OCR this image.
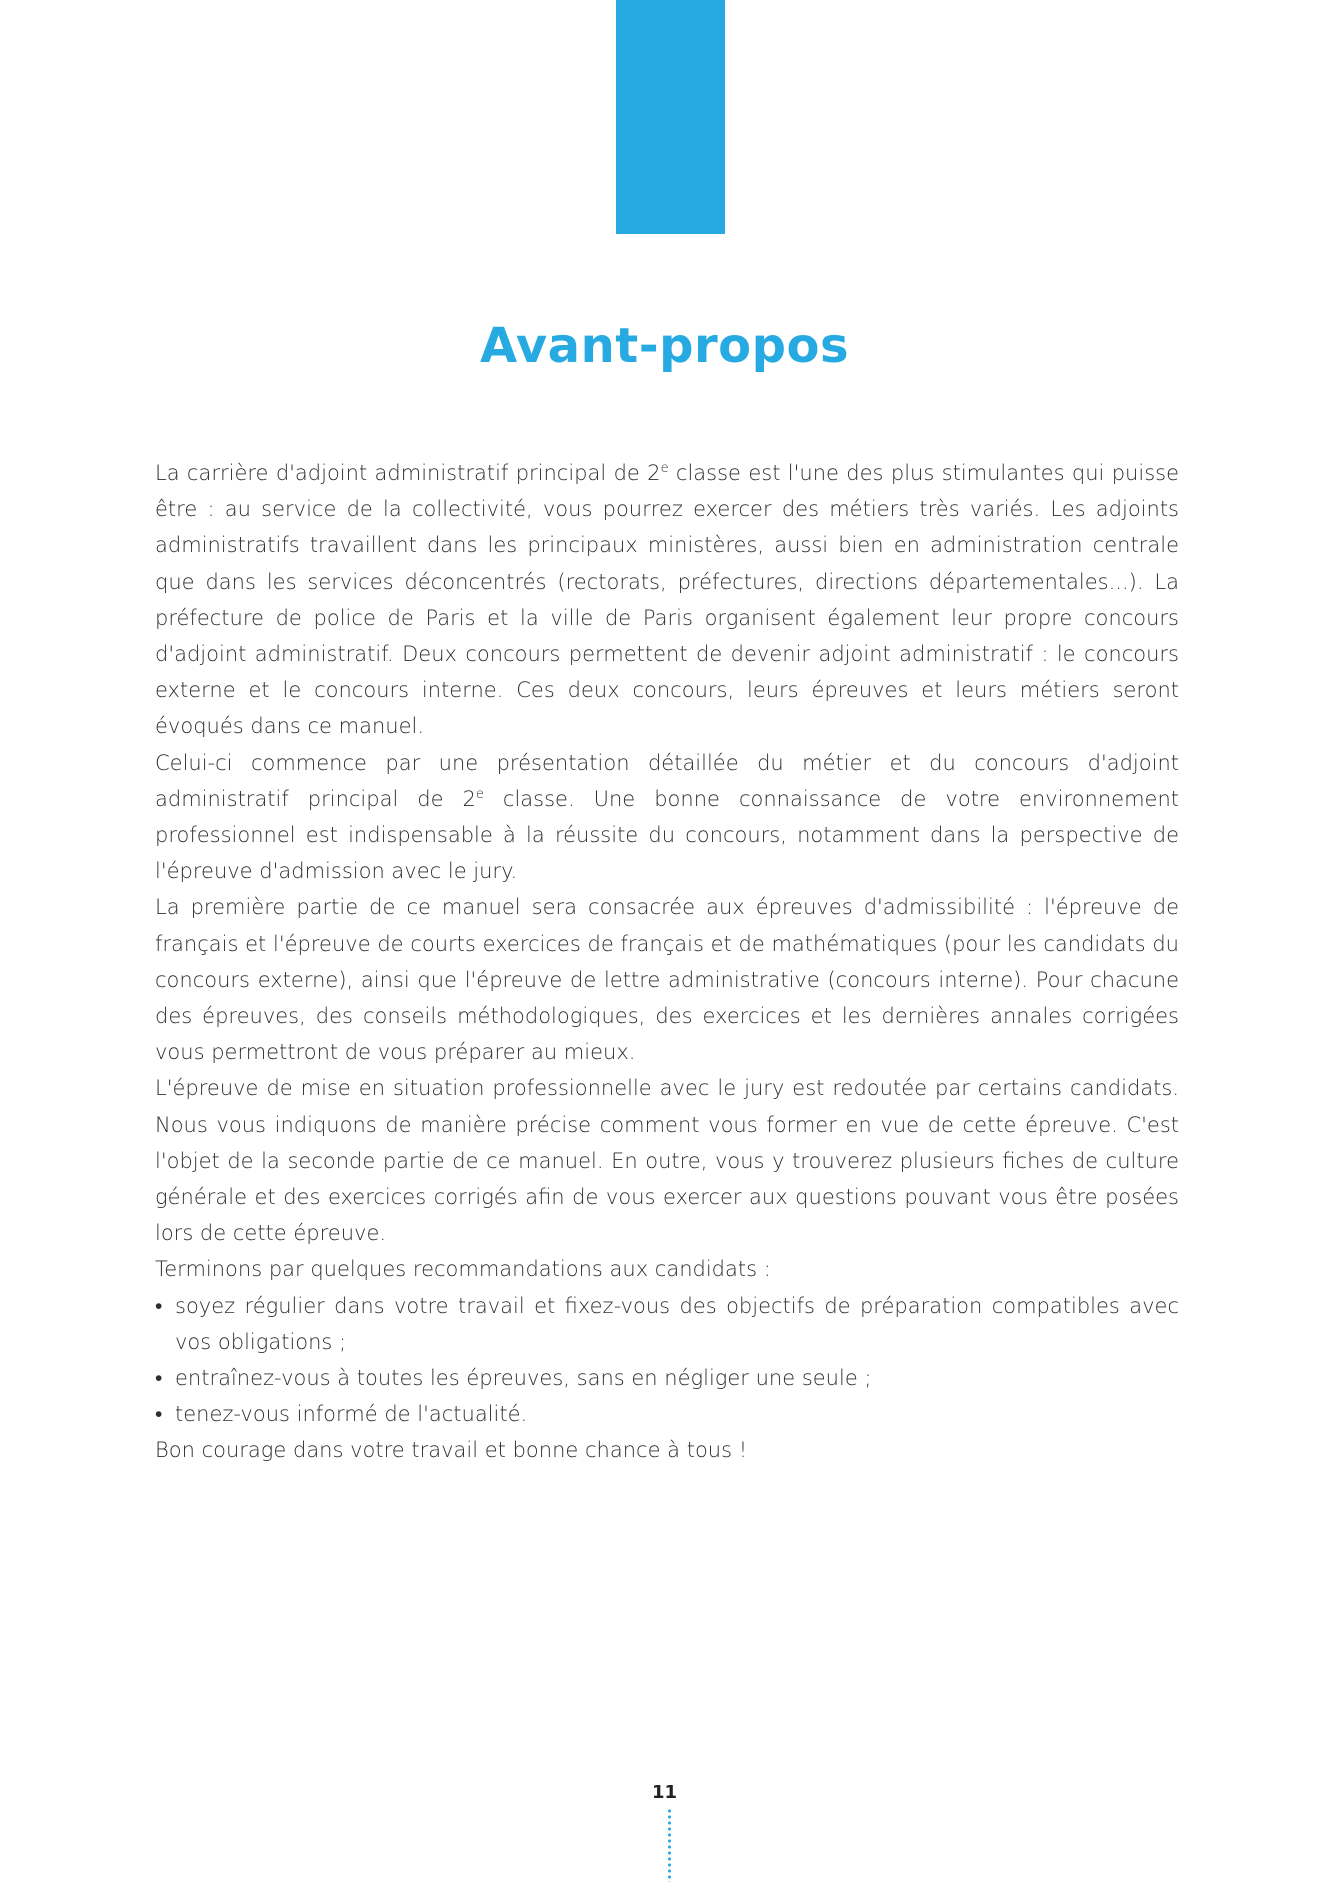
Avant-propos

La carrière d'adjoint administratif principal de 2e classe est l'une des plus stimulantes qui puisse être : au service de la collectivité, vous pourrez exercer des métiers très variés. Les adjoints administratifs travaillent dans les principaux ministères, aussi bien en administration centrale que dans les services déconcentrés (rectorats, préfectures, directions départementales...). La préfecture de police de Paris et la ville de Paris organisent également leur propre concours d'adjoint administratif. Deux concours permettent de devenir adjoint administratif : le concours externe et le concours interne. Ces deux concours, leurs épreuves et leurs métiers seront évoqués dans ce manuel.

Celui-ci commence par une présentation détaillée du métier et du concours d'adjoint administratif principal de 2e classe. Une bonne connaissance de votre environnement professionnel est indispensable à la réussite du concours, notamment dans la perspective de l'épreuve d'admission avec le jury.

La première partie de ce manuel sera consacrée aux épreuves d'admissibilité : l'épreuve de français et l'épreuve de courts exercices de français et de mathématiques (pour les candidats du concours externe), ainsi que l'épreuve de lettre administrative (concours interne). Pour chacune des épreuves, des conseils méthodologiques, des exercices et les dernières annales corrigées vous permettront de vous préparer au mieux.

L'épreuve de mise en situation professionnelle avec le jury est redoutée par certains candidats. Nous vous indiquons de manière précise comment vous former en vue de cette épreuve. C'est l'objet de la seconde partie de ce manuel. En outre, vous y trouverez plusieurs fiches de culture générale et des exercices corrigés afin de vous exercer aux questions pouvant vous être posées lors de cette épreuve.

Terminons par quelques recommandations aux candidats :

• soyez régulier dans votre travail et fixez-vous des objectifs de préparation compatibles avec vos obligations ;
• entraînez-vous à toutes les épreuves, sans en négliger une seule ;
• tenez-vous informé de l'actualité.

Bon courage dans votre travail et bonne chance à tous !

11
